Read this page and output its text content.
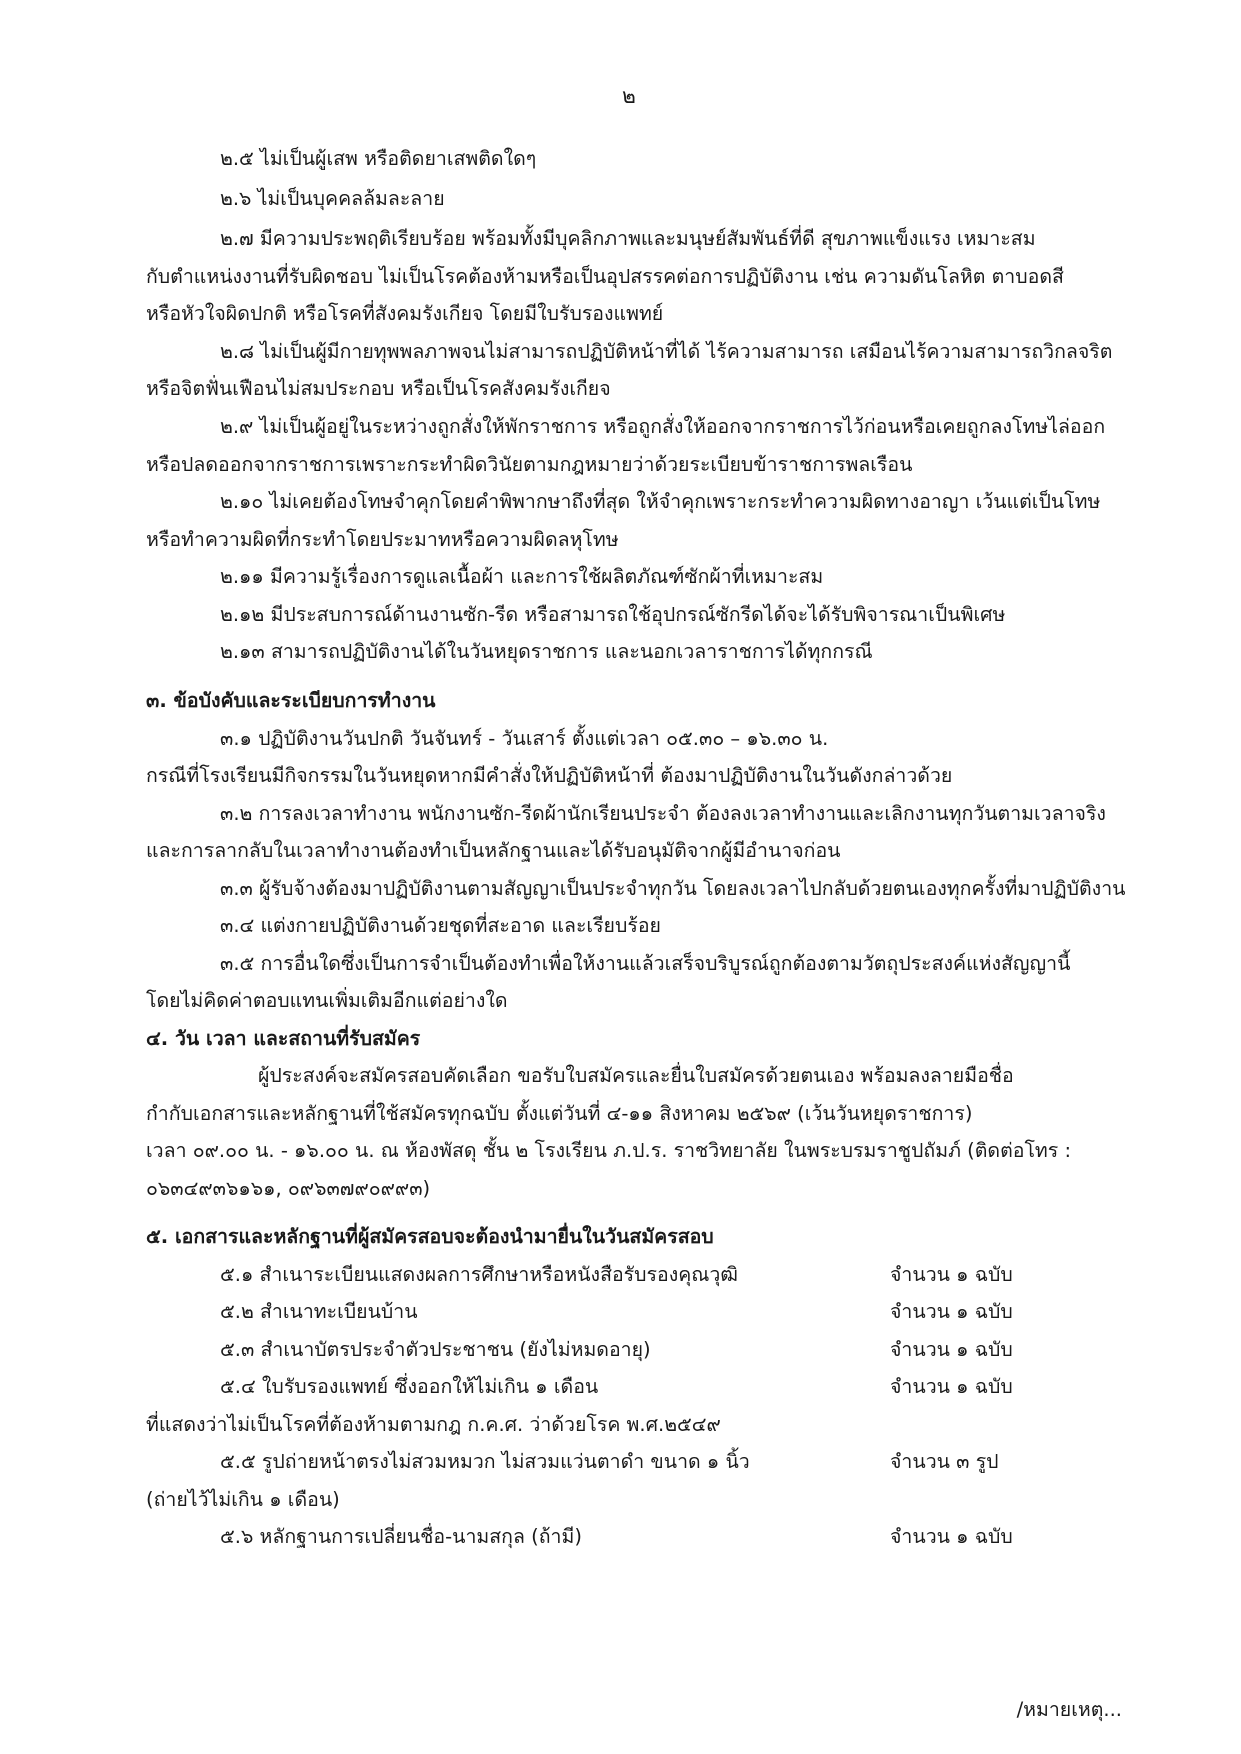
๒
๒.๕ ไม่เป็นผู้เสพ หรือติดยาเสพติดใดๆ
๒.๖ ไม่เป็นบุคคลล้มละลาย
๒.๗ มีความประพฤติเรียบร้อย พร้อมทั้งมีบุคลิกภาพและมนุษย์สัมพันธ์ที่ดี สุขภาพแข็งแรง เหมาะสม
กับตำแหน่งงานที่รับผิดชอบ ไม่เป็นโรคต้องห้ามหรือเป็นอุปสรรคต่อการปฏิบัติงาน เช่น ความดันโลหิต ตาบอดสี
หรือหัวใจผิดปกติ หรือโรคที่สังคมรังเกียจ โดยมีใบรับรองแพทย์
๒.๘ ไม่เป็นผู้มีกายทุพพลภาพจนไม่สามารถปฏิบัติหน้าที่ได้ ไร้ความสามารถ เสมือนไร้ความสามารถวิกลจริต
หรือจิตฟั่นเฟือนไม่สมประกอบ หรือเป็นโรคสังคมรังเกียจ
๒.๙ ไม่เป็นผู้อยู่ในระหว่างถูกสั่งให้พักราชการ หรือถูกสั่งให้ออกจากราชการไว้ก่อนหรือเคยถูกลงโทษไล่ออก
หรือปลดออกจากราชการเพราะกระทำผิดวินัยตามกฎหมายว่าด้วยระเบียบข้าราชการพลเรือน
๒.๑๐ ไม่เคยต้องโทษจำคุกโดยคำพิพากษาถึงที่สุด ให้จำคุกเพราะกระทำความผิดทางอาญา เว้นแต่เป็นโทษ
หรือทำความผิดที่กระทำโดยประมาทหรือความผิดลหุโทษ
๒.๑๑ มีความรู้เรื่องการดูแลเนื้อผ้า และการใช้ผลิตภัณฑ์ซักผ้าที่เหมาะสม
๒.๑๒ มีประสบการณ์ด้านงานซัก-รีด หรือสามารถใช้อุปกรณ์ซักรีดได้จะได้รับพิจารณาเป็นพิเศษ
๒.๑๓ สามารถปฏิบัติงานได้ในวันหยุดราชการ และนอกเวลาราชการได้ทุกกรณี
๓. ข้อบังคับและระเบียบการทำงาน
๓.๑ ปฏิบัติงานวันปกติ วันจันทร์ - วันเสาร์ ตั้งแต่เวลา ๐๕.๓๐ – ๑๖.๓๐ น.
กรณีที่โรงเรียนมีกิจกรรมในวันหยุดหากมีคำสั่งให้ปฏิบัติหน้าที่ ต้องมาปฏิบัติงานในวันดังกล่าวด้วย
๓.๒ การลงเวลาทำงาน พนักงานซัก-รีดผ้านักเรียนประจำ ต้องลงเวลาทำงานและเลิกงานทุกวันตามเวลาจริง
และการลากลับในเวลาทำงานต้องทำเป็นหลักฐานและได้รับอนุมัติจากผู้มีอำนาจก่อน
๓.๓ ผู้รับจ้างต้องมาปฏิบัติงานตามสัญญาเป็นประจำทุกวัน โดยลงเวลาไปกลับด้วยตนเองทุกครั้งที่มาปฏิบัติงาน
๓.๔ แต่งกายปฏิบัติงานด้วยชุดที่สะอาด และเรียบร้อย
๓.๕ การอื่นใดซึ่งเป็นการจำเป็นต้องทำเพื่อให้งานแล้วเสร็จบริบูรณ์ถูกต้องตามวัตถุประสงค์แห่งสัญญานี้
โดยไม่คิดค่าตอบแทนเพิ่มเติมอีกแต่อย่างใด
๔. วัน เวลา และสถานที่รับสมัคร
ผู้ประสงค์จะสมัครสอบคัดเลือก ขอรับใบสมัครและยื่นใบสมัครด้วยตนเอง พร้อมลงลายมือชื่อ
กำกับเอกสารและหลักฐานที่ใช้สมัครทุกฉบับ ตั้งแต่วันที่ ๔-๑๑ สิงหาคม ๒๕๖๙ (เว้นวันหยุดราชการ)
เวลา ๐๙.๐๐ น. - ๑๖.๐๐ น. ณ ห้องพัสดุ ชั้น ๒ โรงเรียน ภ.ป.ร. ราชวิทยาลัย ในพระบรมราชูปถัมภ์ (ติดต่อโทร :
๐๖๓๔๙๓๖๑๖๑, ๐๙๖๓๗๙๐๙๙๓)
๕. เอกสารและหลักฐานที่ผู้สมัครสอบจะต้องนำมายื่นในวันสมัครสอบ
๕.๑ สำเนาระเบียนแสดงผลการศึกษาหรือหนังสือรับรองคุณวุฒิ	จำนวน ๑ ฉบับ
๕.๒ สำเนาทะเบียนบ้าน	จำนวน ๑ ฉบับ
๕.๓ สำเนาบัตรประจำตัวประชาชน (ยังไม่หมดอายุ)	จำนวน ๑ ฉบับ
๕.๔ ใบรับรองแพทย์ ซึ่งออกให้ไม่เกิน ๑ เดือน	จำนวน ๑ ฉบับ
ที่แสดงว่าไม่เป็นโรคที่ต้องห้ามตามกฎ ก.ค.ศ. ว่าด้วยโรค พ.ศ.๒๕๔๙
๕.๕ รูปถ่ายหน้าตรงไม่สวมหมวก ไม่สวมแว่นตาดำ ขนาด ๑ นิ้ว	จำนวน ๓ รูป
(ถ่ายไว้ไม่เกิน ๑ เดือน)
๕.๖ หลักฐานการเปลี่ยนชื่อ-นามสกุล (ถ้ามี)	จำนวน ๑ ฉบับ
/หมายเหตุ...
